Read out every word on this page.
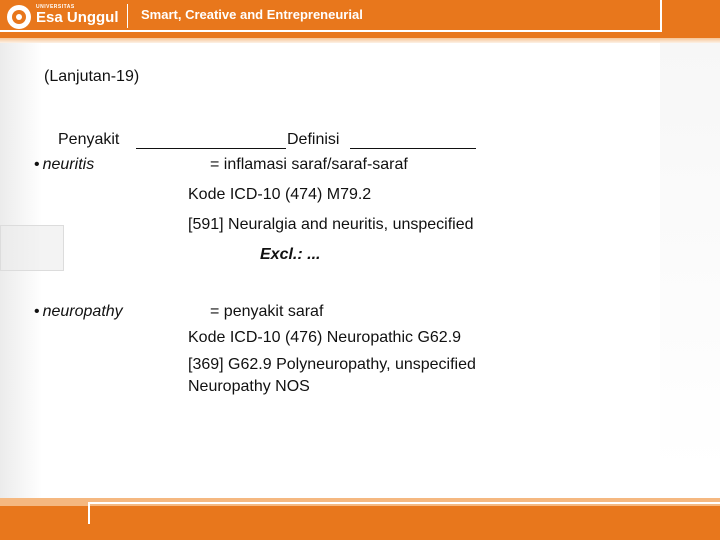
UNIVERSITAS
Esa Unggul Smart, Creative and Entrepreneurial
(Lanjutan-19)
Penyakit	Definisi
• neuritis	= inflamasi saraf/saraf-saraf
Kode ICD-10 (474) M79.2
[591] Neuralgia and neuritis, unspecified
Excl.: ...
• neuropathy	= penyakit saraf
Kode ICD-10 (476) Neuropathic G62.9
[369] G62.9 Polyneuropathy, unspecified
Neuropathy NOS
